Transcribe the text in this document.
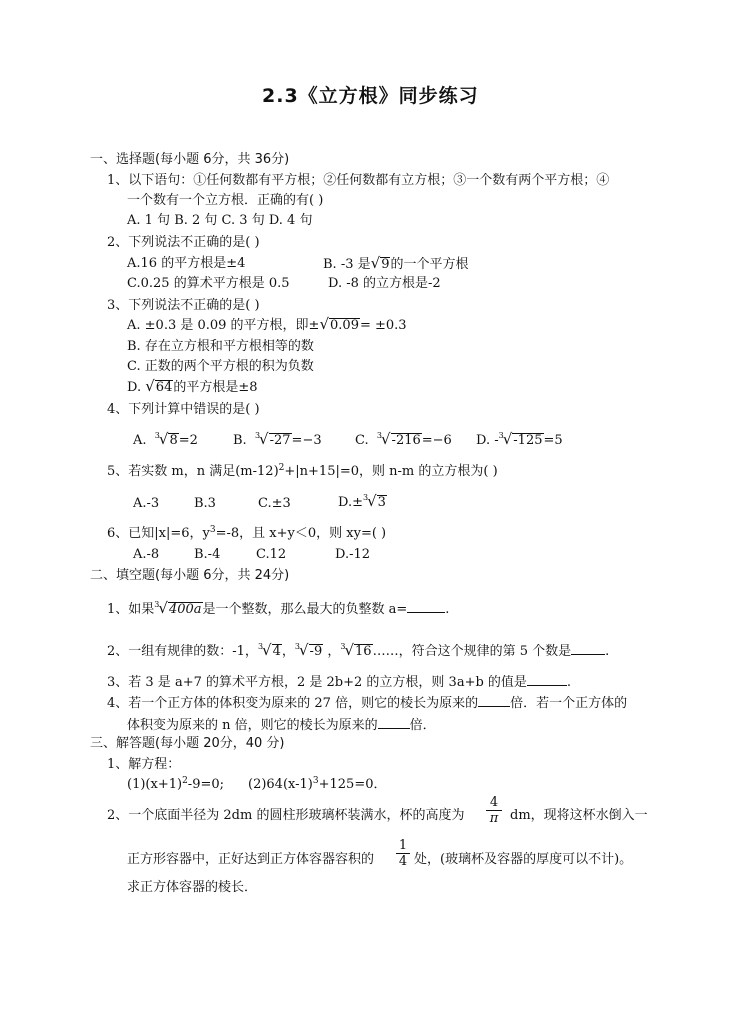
2.3《立方根》同步练习
一、选择题(每小题 6分，共 36分)
1、以下语句：①任何数都有平方根；②任何数都有立方根；③一个数有两个平方根；④
一个数有一个立方根．正确的有( )
A. 1 句 B. 2 句 C. 3 句 D. 4 句
2、下列说法不正确的是( )
A.16 的平方根是±4	B. -3 是√9的一个平方根
C.0.25 的算术平方根是 0.5	D. -8 的立方根是-2
3、下列说法不正确的是( )
A. ±0.3 是 0.09 的平方根，即±√0.09= ±0.3
B. 存在立方根和平方根相等的数
C. 正数的两个平方根的积为负数
D. √64的平方根是±8
4、下列计算中错误的是( )
A. $^3$√8=2	B. $^3$√-27=−3	C. $^3$√-216=−6 D. -$^3$√-125=5
5、若实数 m，n 满足$(m-12)^2+|n+15|=0$，则 n-m 的立方根为( )
A.-3	B.3	C.±3	D.±$^3$√3
6、已知|x|=6，$y^3=-8$，且 x+y＜0，则 xy=( )
A.-8	B.-4	C.12	D.-12
二、填空题(每小题 6分，共 24分)
1、如果$^3$√400a是一个整数，那么最大的负整数 a=	.
2、一组有规律的数：-1，$^3$√4，$^3$√-9 ，$^3$√16……，符合这个规律的第 5 个数是	.
3、若 3 是 a+7 的算术平方根，2 是 2b+2 的立方根，则 3a+b 的值是	.
4、若一个正方体的体积变为原来的 27 倍，则它的棱长为原来的 倍．若一个正方体的
体积变为原来的 n 倍，则它的棱长为原来的 倍．
三、解答题(每小题 20分，40 分)
1、解方程：
$(1)(x+1)^2-9=0$; $(2)64(x-1)^3+125=0$．
2、一个底面半径为 2dm 的圆柱形玻璃杯装满水，杯的高度为
4
π dm，现将这杯水倒入一
正方形容器中，正好达到正方体容器容积的
1
4 处，(玻璃杯及容器的厚度可以不计)。
求正方体容器的棱长．
